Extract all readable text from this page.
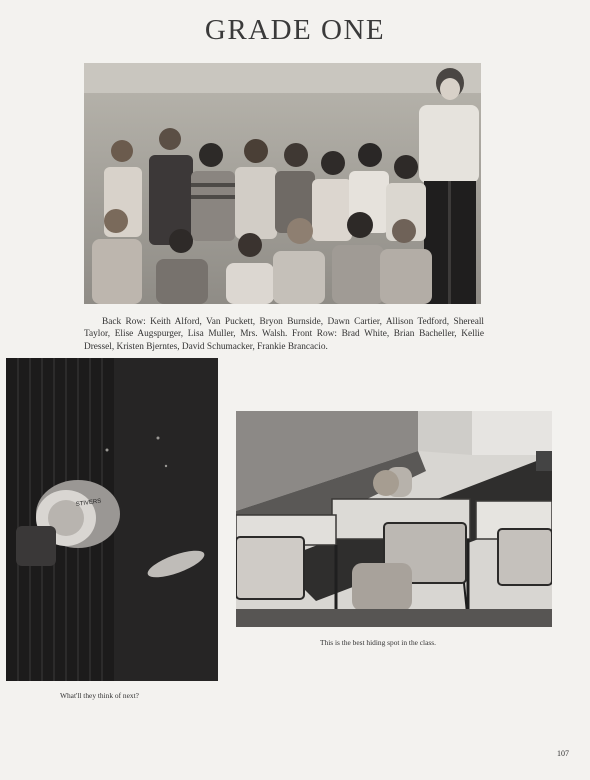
GRADE ONE
Back Row: Keith Alford, Van Puckett, Bryon Burnside, Dawn Cartier, Allison Tedford, Shereall Taylor, Elise Augspurger, Lisa Muller, Mrs. Walsh. Front Row: Brad White, Brian Bacheller, Kellie Dressel, Kristen Bjerntes, David Schumacker, Frankie Brancacio.
STIVERS
What'll they think of next?
This is the best hiding spot in the class.
107
